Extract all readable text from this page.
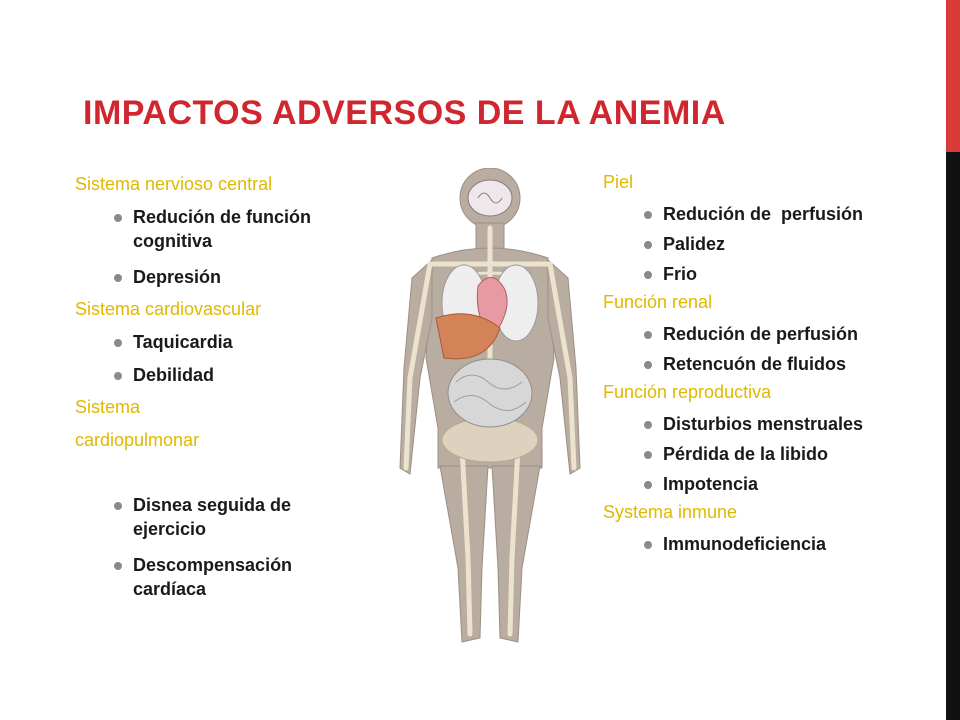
IMPACTOS ADVERSOS DE LA ANEMIA

Sistema nervioso central

Redución de función cognitiva

Depresión

Sistema cardiovascular

Taquicardia

Debilidad

Sistema

cardiopulmonar

Disnea seguida de ejercicio

Descompensación cardíaca

Piel

Redución de  perfusión

Palidez

Frio

Función renal

Redución de perfusión

Retencuón de fluidos

Función reproductiva

Disturbios menstruales

Pérdida de la libido

Impotencia

Systema inmune

Immunodeficiencia
